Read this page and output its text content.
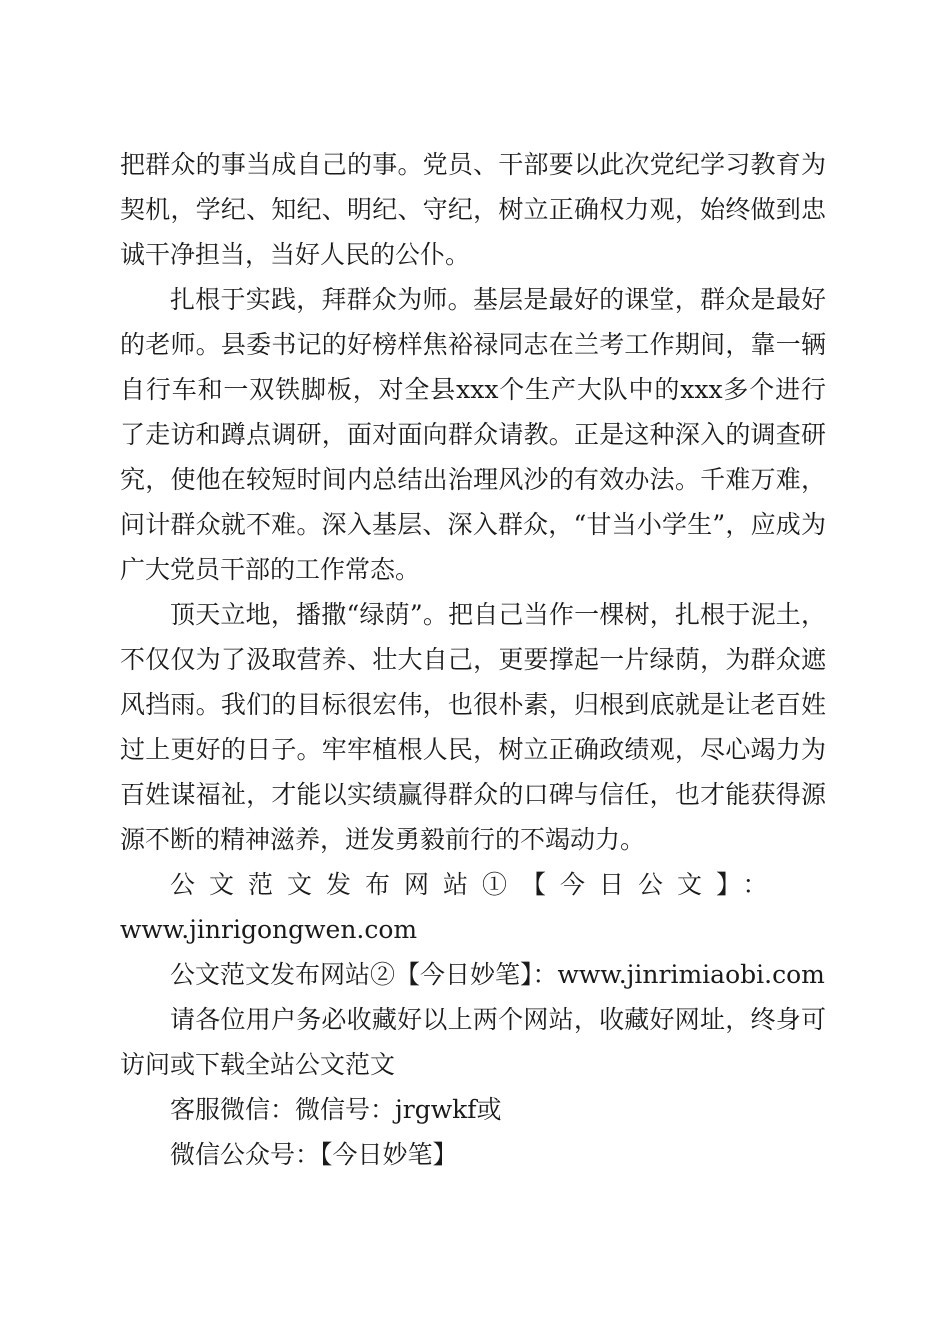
把群众的事当成自己的事。党员、干部要以此次党纪学习教育为契机，学纪、知纪、明纪、守纪，树立正确权力观，始终做到忠诚干净担当，当好人民的公仆。

扎根于实践，拜群众为师。基层是最好的课堂，群众是最好的老师。县委书记的好榜样焦裕禄同志在兰考工作期间，靠一辆自行车和一双铁脚板，对全县xxx个生产大队中的xxx多个进行了走访和蹲点调研，面对面向群众请教。正是这种深入的调查研究，使他在较短时间内总结出治理风沙的有效办法。千难万难，问计群众就不难。深入基层、深入群众，“甘当小学生”，应成为广大党员干部的工作常态。

顶天立地，播撒“绿荫”。把自己当作一棵树，扎根于泥土，不仅仅为了汲取营养、壮大自己，更要撑起一片绿荫，为群众遮风挡雨。我们的目标很宏伟，也很朴素，归根到底就是让老百姓过上更好的日子。牢牢植根人民，树立正确政绩观，尽心竭力为百姓谋福祉，才能以实绩赢得群众的口碑与信任，也才能获得源源不断的精神滋养，迸发勇毅前行的不竭动力。

公文范文发布网站①【今日公文】：
www.jinrigongwen.com

公文范文发布网站②【今日妙笔】：www.jinrimiaobi.com

请各位用户务必收藏好以上两个网站，收藏好网址，终身可访问或下载全站公文范文

客服微信：微信号：jrgwkf或

微信公众号：【今日妙笔】
